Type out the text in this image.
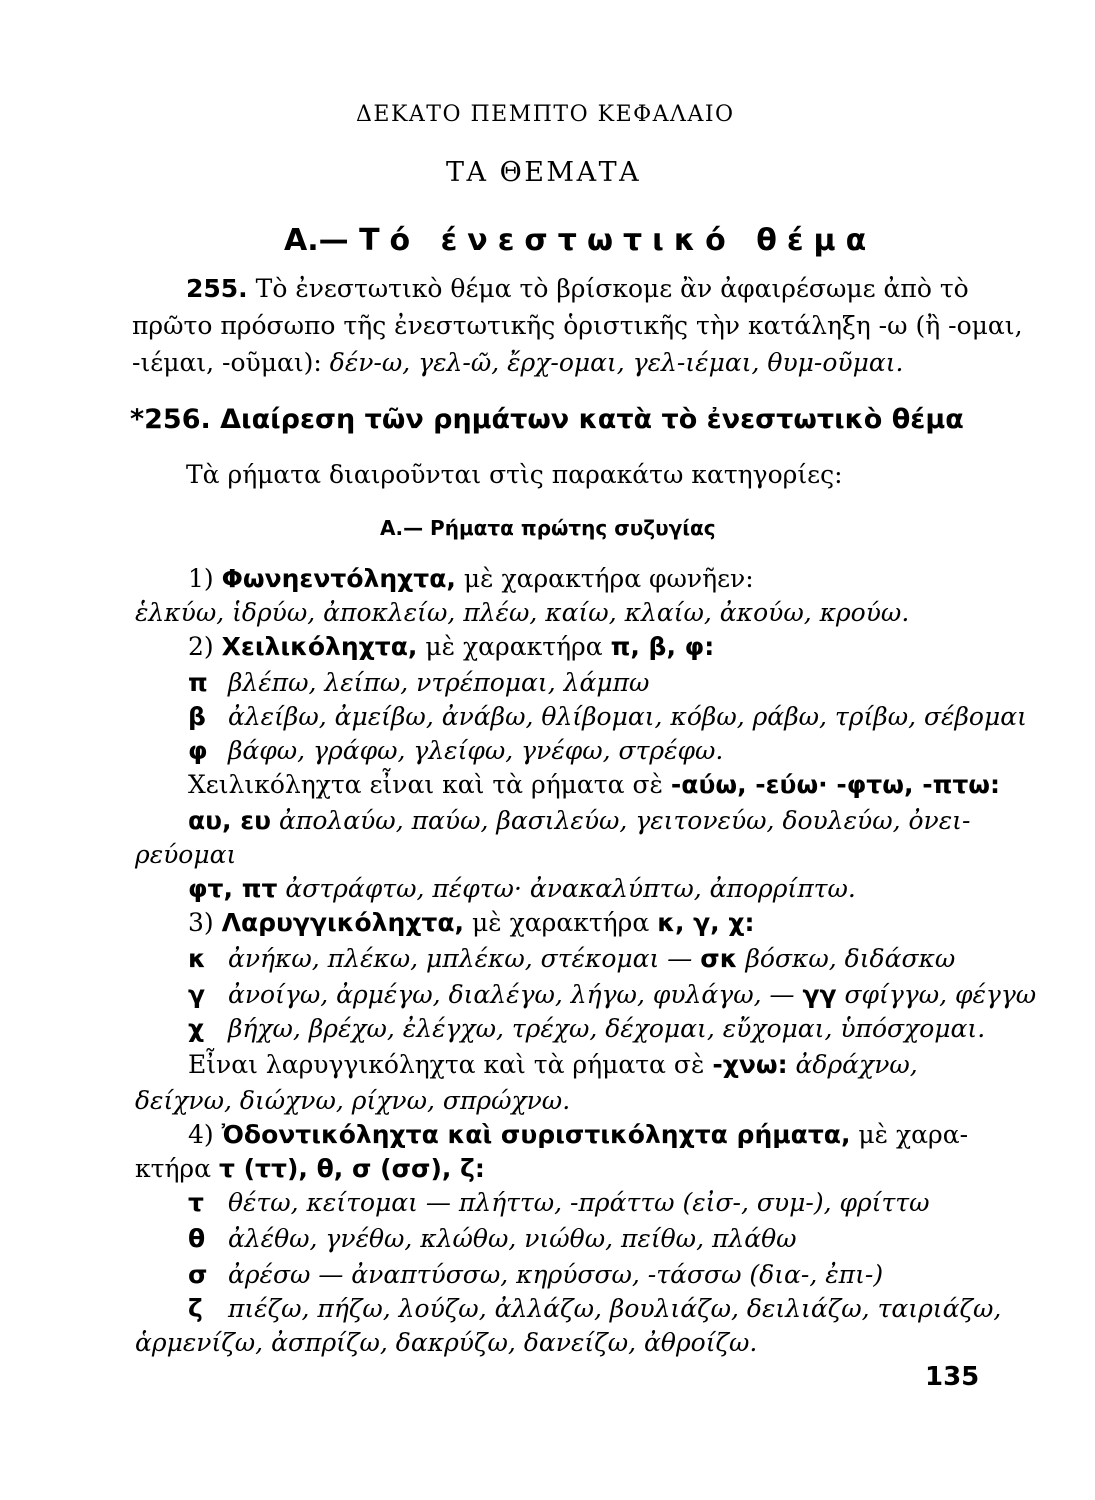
ΔΕΚΑΤΟ ΠΕΜΠΤΟ ΚΕΦΑΛΑΙΟ
ΤΑ ΘΕΜΑΤΑ
Α.— Τό ένεστωτικό θέμα
255. Τὸ ἐνεστωτικὸ θέμα τὸ βρίσκομε ἂν ἀφαιρέσωμε ἀπὸ τὸ
πρῶτο πρόσωπο τῆς ἐνεστωτικῆς ὁριστικῆς τὴν κατάληξη -ω (ἢ -ομαι,
-ιέμαι, -οῦμαι): δέν-ω, γελ-ῶ, ἔρχ-ομαι, γελ-ιέμαι, θυμ-οῦμαι.
*256. Διαίρεση τῶν ρημάτων κατὰ τὸ ἐνεστωτικὸ θέμα
Τὰ ρήματα διαιροῦνται στὶς παρακάτω κατηγορίες:
Α.— Ρήματα πρώτης συζυγίας
1) Φωνηεντόληχτα, μὲ χαρακτήρα φωνῆεν:
ἑλκύω, ἱδρύω, ἀποκλείω, πλέω, καίω, κλαίω, ἀκούω, κρούω.
2) Χειλικόληχτα, μὲ χαρακτήρα π, β, φ:
π βλέπω, λείπω, ντρέπομαι, λάμπω
β ἀλείβω, ἀμείβω, ἀνάβω, θλίβομαι, κόβω, ράβω, τρίβω, σέβομαι
φ βάφω, γράφω, γλείφω, γνέφω, στρέφω.
Χειλικόληχτα εἶναι καὶ τὰ ρήματα σὲ -αύω, -εύω· -φτω, -πτω:
αυ, ευ ἀπολαύω, παύω, βασιλεύω, γειτονεύω, δουλεύω, ὀνει-
ρεύομαι
φτ, πτ ἀστράφτω, πέφτω· ἀνακαλύπτω, ἀπορρίπτω.
3) Λαρυγγικόληχτα, μὲ χαρακτήρα κ, γ, χ:
κ ἀνήκω, πλέκω, μπλέκω, στέκομαι — σκ βόσκω, διδάσκω
γ ἀνοίγω, ἀρμέγω, διαλέγω, λήγω, φυλάγω, — γγ σφίγγω, φέγγω
χ βήχω, βρέχω, ἐλέγχω, τρέχω, δέχομαι, εὔχομαι, ὑπόσχομαι.
Εἶναι λαρυγγικόληχτα καὶ τὰ ρήματα σὲ -χνω: ἀδράχνω,
δείχνω, διώχνω, ρίχνω, σπρώχνω.
4) Ὀδοντικόληχτα καὶ συριστικόληχτα ρήματα, μὲ χαρα-
κτήρα τ (ττ), θ, σ (σσ), ζ:
τ θέτω, κείτομαι — πλήττω, -πράττω (εἰσ-, συμ-), φρίττω
θ ἀλέθω, γνέθω, κλώθω, νιώθω, πείθω, πλάθω
σ ἀρέσω — ἀναπτύσσω, κηρύσσω, -τάσσω (δια-, ἐπι-)
ζ πιέζω, πήζω, λούζω, ἀλλάζω, βουλιάζω, δειλιάζω, ταιριάζω,
ἁρμενίζω, ἀσπρίζω, δακρύζω, δανείζω, ἀθροίζω.
135
